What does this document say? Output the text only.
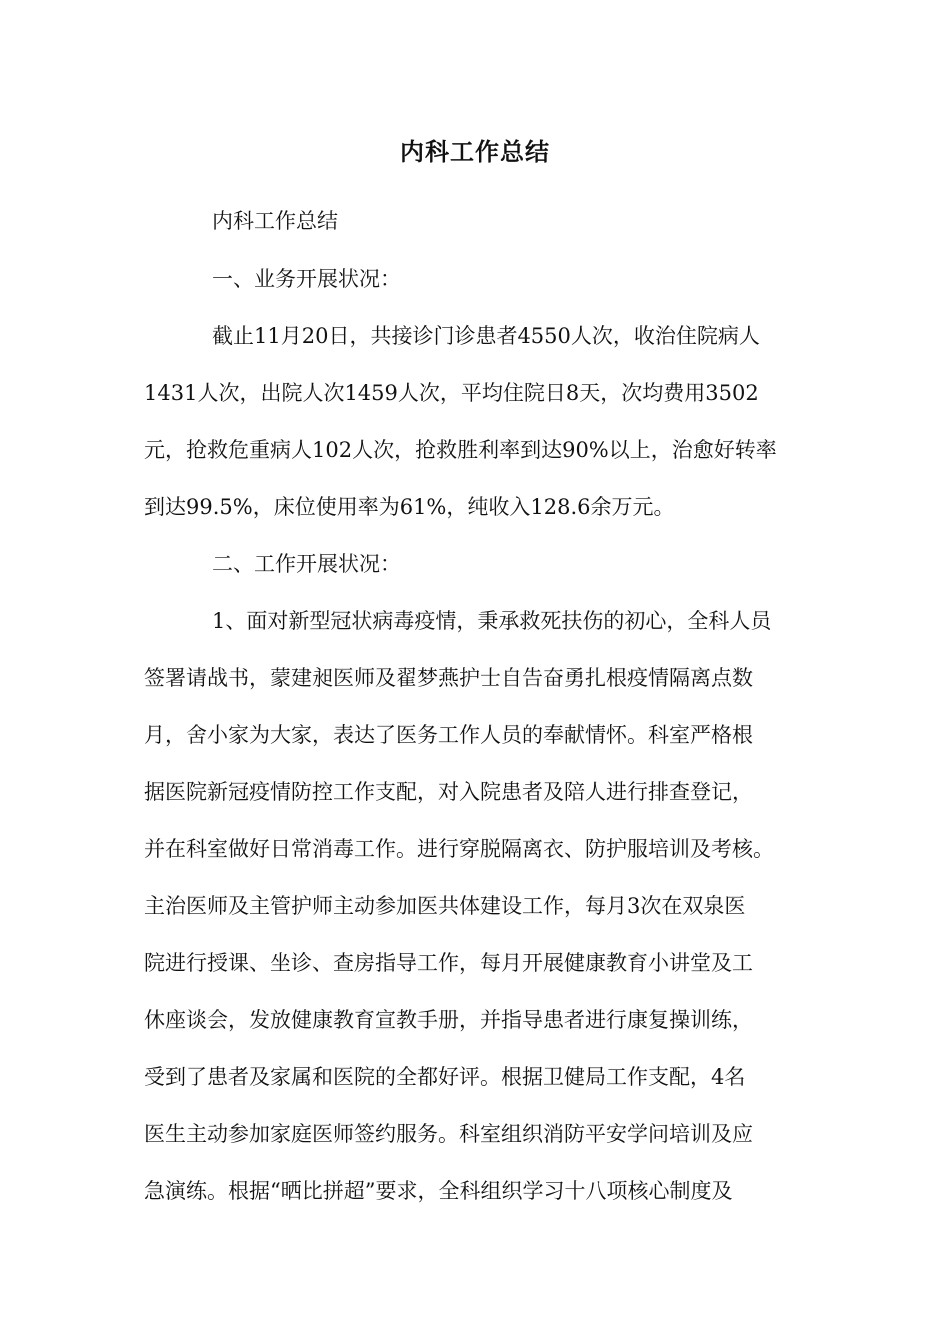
内科工作总结
内科工作总结
一、业务开展状况：
截止11月20日，共接诊门诊患者4550人次，收治住院病人
1431人次，出院人次1459人次，平均住院日8天，次均费用3502
元，抢救危重病人102人次，抢救胜利率到达90%以上，治愈好转率
到达99.5%，床位使用率为61%，纯收入128.6余万元。
二、工作开展状况：
1、面对新型冠状病毒疫情，秉承救死扶伤的初心，全科人员
签署请战书，蒙建昶医师及翟梦燕护士自告奋勇扎根疫情隔离点数
月，舍小家为大家，表达了医务工作人员的奉献情怀。科室严格根
据医院新冠疫情防控工作支配，对入院患者及陪人进行排查登记，
并在科室做好日常消毒工作。进行穿脱隔离衣、防护服培训及考核。
主治医师及主管护师主动参加医共体建设工作，每月3次在双泉医
院进行授课、坐诊、查房指导工作，每月开展健康教育小讲堂及工
休座谈会，发放健康教育宣教手册，并指导患者进行康复操训练，
受到了患者及家属和医院的全都好评。根据卫健局工作支配，4名
医生主动参加家庭医师签约服务。科室组织消防平安学问培训及应
急演练。根据“晒比拼超”要求，全科组织学习十八项核心制度及
